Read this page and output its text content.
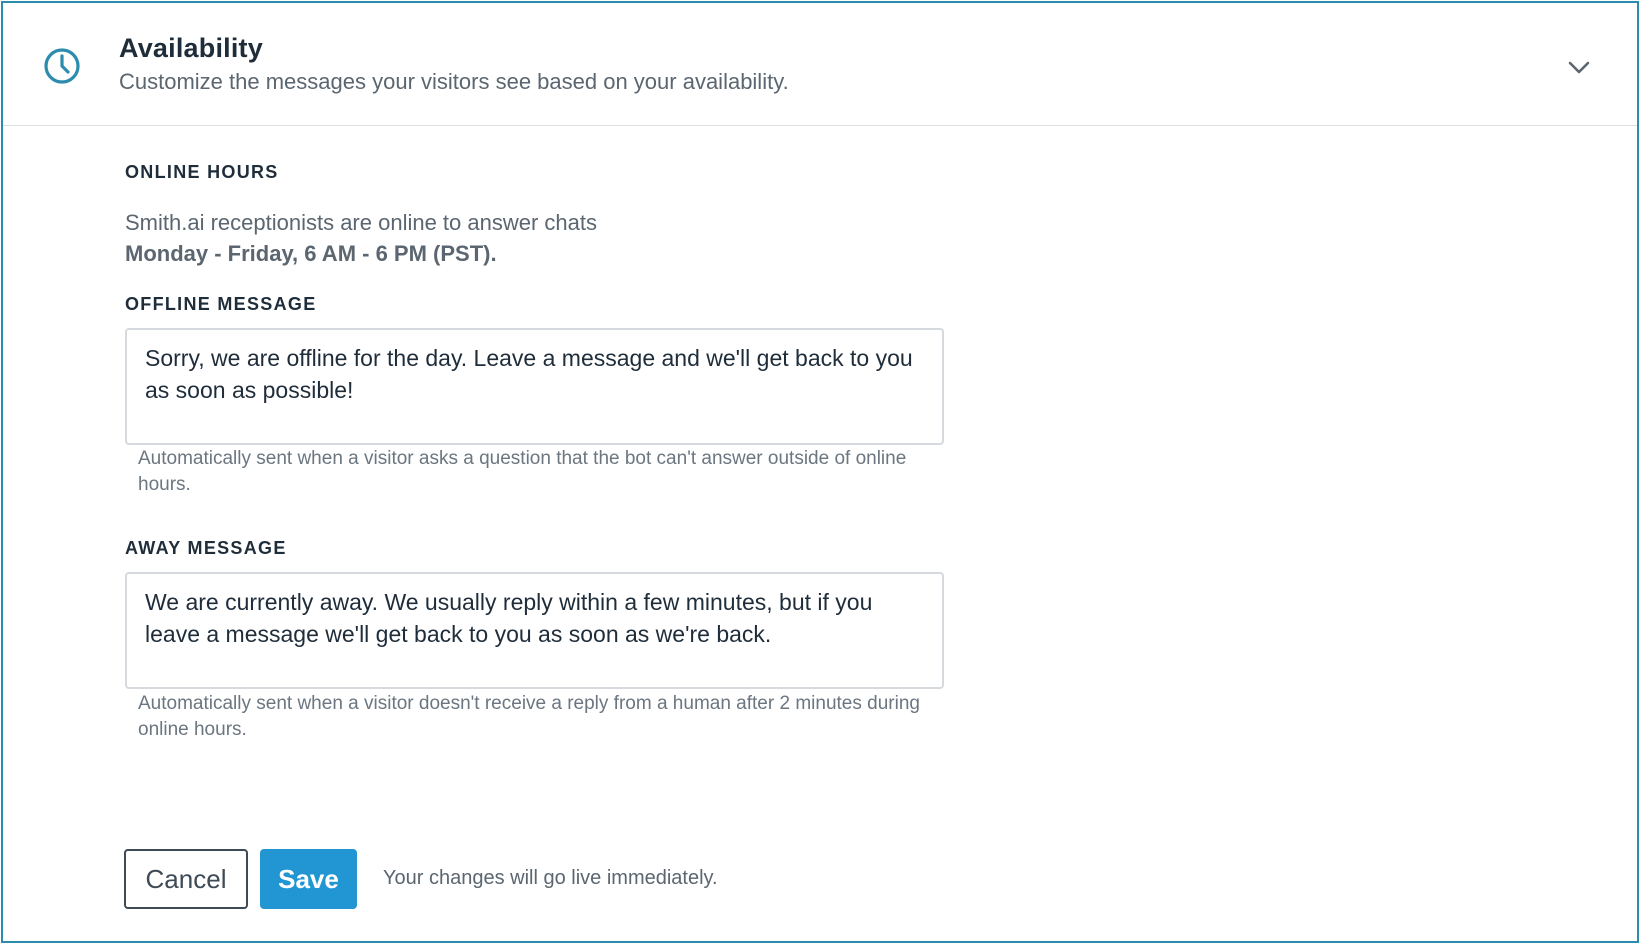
Availability
Customize the messages your visitors see based on your availability.
ONLINE HOURS
Smith.ai receptionists are online to answer chats
Monday - Friday, 6 AM - 6 PM (PST).
OFFLINE MESSAGE
Sorry, we are offline for the day. Leave a message and we'll get back to you as soon as possible!
Automatically sent when a visitor asks a question that the bot can't answer outside of online hours.
AWAY MESSAGE
We are currently away. We usually reply within a few minutes, but if you leave a message we'll get back to you as soon as we're back.
Automatically sent when a visitor doesn't receive a reply from a human after 2 minutes during online hours.
Cancel	Save	Your changes will go live immediately.
